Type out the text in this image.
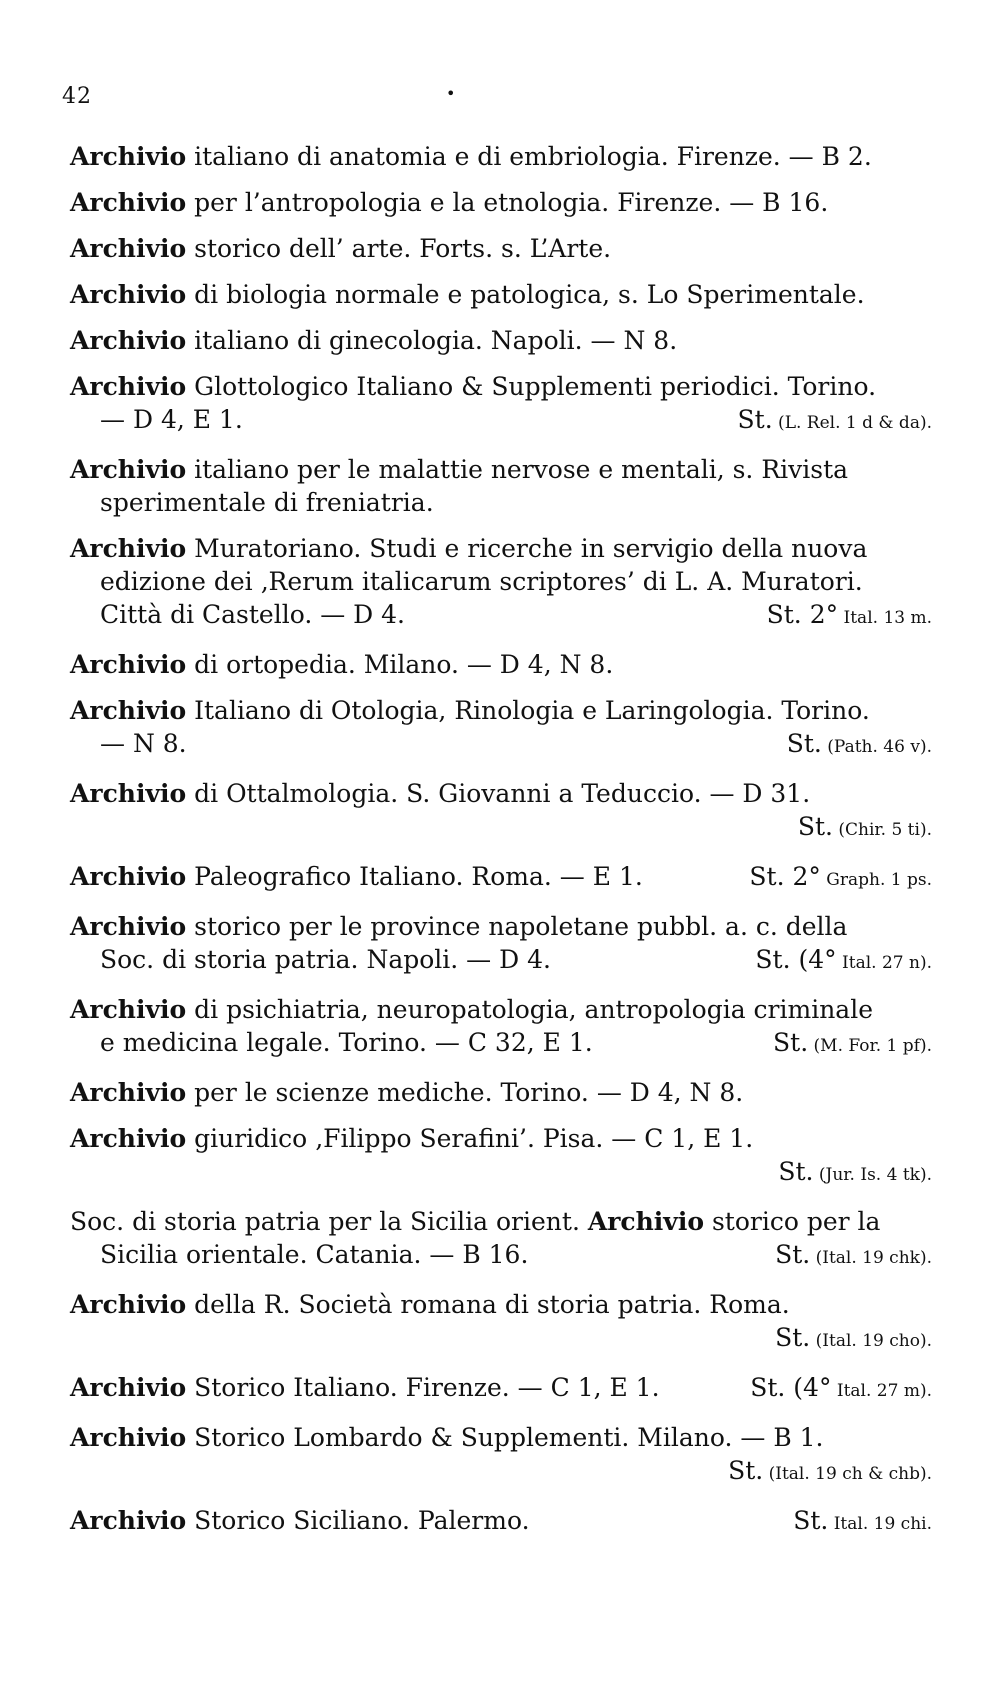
42	•
Archivio italiano di anatomia e di embriologia. Firenze. — B 2.
Archivio per l’antropologia e la etnologia. Firenze. — B 16.
Archivio storico dell’ arte. Forts. s. L’Arte.
Archivio di biologia normale e patologica, s. Lo Sperimentale.
Archivio italiano di ginecologia. Napoli. — N 8.
Archivio Glottologico Italiano & Supplementi periodici. Torino.
— D 4, E 1.	St. (L. Rel. 1 d & da).
Archivio italiano per le malattie nervose e mentali, s. Rivista
sperimentale di freniatria.
Archivio Muratoriano. Studi e ricerche in servigio della nuova
edizione dei ‚Rerum italicarum scriptores’ di L. A. Muratori.
Città di Castello. — D 4.	St. 2° Ital. 13 m.
Archivio di ortopedia. Milano. — D 4, N 8.
Archivio Italiano di Otologia, Rinologia e Laringologia. Torino.
— N 8.	St. (Path. 46 v).
Archivio di Ottalmologia. S. Giovanni a Teduccio. — D 31.
St. (Chir. 5 ti).
Archivio Paleografico Italiano. Roma. — E 1.	St. 2° Graph. 1 ps.
Archivio storico per le province napoletane pubbl. a. c. della
Soc. di storia patria. Napoli. — D 4.	St. (4° Ital. 27 n).
Archivio di psichiatria, neuropatologia, antropologia criminale
e medicina legale. Torino. — C 32, E 1.	St. (M. For. 1 pf).
Archivio per le scienze mediche. Torino. — D 4, N 8.
Archivio giuridico ‚Filippo Serafini’. Pisa. — C 1, E 1.
St. (Jur. Is. 4 tk).
Soc. di storia patria per la Sicilia orient. Archivio storico per la
Sicilia orientale. Catania. — B 16.	St. (Ital. 19 chk).
Archivio della R. Società romana di storia patria. Roma.
St. (Ital. 19 cho).
Archivio Storico Italiano. Firenze. — C 1, E 1.	St. (4° Ital. 27 m).
Archivio Storico Lombardo & Supplementi. Milano. — B 1.
St. (Ital. 19 ch & chb).
Archivio Storico Siciliano. Palermo.	St. Ital. 19 chi.
